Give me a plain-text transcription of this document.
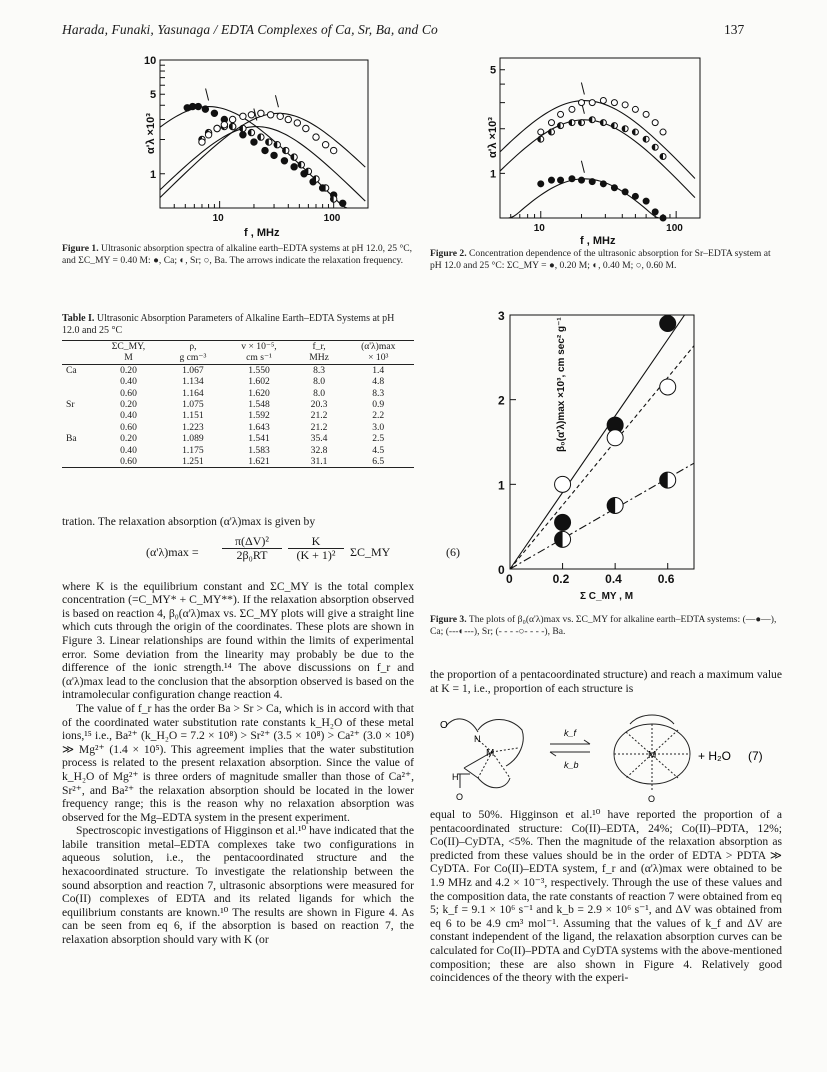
Harada, Funaki, Yasunaga / EDTA Complexes of Ca, Sr, Ba, and Co	137
10
5
1
10	100
f , MHz
α'λ ×10³
Figure 1. Ultrasonic absorption spectra of alkaline earth–EDTA systems at pH 12.0, 25 °C, and ΣC_MY = 0.40 M: ●, Ca; ◐, Sr; ○, Ba. The arrows indicate the relaxation frequency.
5
1
10	100
f , MHz
α'λ ×10³
Figure 2. Concentration dependence of the ultrasonic absorption for Sr–EDTA system at pH 12.0 and 25 °C: ΣC_MY = ●, 0.20 M; ◐, 0.40 M; ○, 0.60 M.
Table I. Ultrasonic Absorption Parameters of Alkaline Earth–EDTA Systems at pH 12.0 and 25 °C
	ΣC_MY,	ρ,	v × 10⁻⁵,	f_r,	(α'λ)max
	M	g cm⁻³	cm s⁻¹	MHz	× 10³
Ca	0.20	1.067	1.550	8.3	1.4
	0.40	1.134	1.602	8.0	4.8
	0.60	1.164	1.620	8.0	8.3
Sr	0.20	1.075	1.548	20.3	0.9
	0.40	1.151	1.592	21.2	2.2
	0.60	1.223	1.643	21.2	3.0
Ba	0.20	1.089	1.541	35.4	2.5
	0.40	1.175	1.583	32.8	4.5
	0.60	1.251	1.621	31.1	6.5

tration. The relaxation absorption (α'λ)max is given by

$(\alpha'\lambda)\max = \frac{\text{π(ΔV)²}}{\text{2β₀RT}} \frac{K}{\text{(K + 1)²}}$ ΣC_MY	(6)

where K is the equilibrium constant and ΣC_MY is the total complex concentration (=C_MY* + C_MY**). If the relaxation absorption observed is based on reaction 4, β₀(α'λ)max vs. ΣC_MY plots will give a straight line which cuts through the origin of the coordinates. These plots are shown in Figure 3. Linear relationships are found within the limits of experimental error. Some deviation from the linearity may probably be due to the difference of the ionic strength.¹⁴ The above discussions on f_r and (α'λ)max lead to the conclusion that the absorption observed is based on the intramolecular configuration change reaction 4.

The value of f_r has the order Ba > Sr > Ca, which is in accord with that of the coordinated water substitution rate constants k_H₂O of these metal ions,¹⁵ i.e., Ba²⁺ (k_H₂O = 7.2 × 10⁸) > Sr²⁺ (3.5 × 10⁸) > Ca²⁺ (3.0 × 10⁸) ≫ Mg²⁺ (1.4 × 10⁵). This agreement implies that the water substitution process is related to the present relaxation absorption. Since the value of k_H₂O of Mg²⁺ is three orders of magnitude smaller than those of Ca²⁺, Sr²⁺, and Ba²⁺ the relaxation absorption should be located in the lower frequency range; this is the reason why no relaxation absorption was observed for the Mg–EDTA system in the present experiment.

Spectroscopic investigations of Higginson et al.¹⁰ have indicated that the labile transition metal–EDTA complexes take two configurations in aqueous solution, i.e., the pentacoordinated structure and the hexacoordinated structure. To investigate the relationship between the sound absorption and reaction 7, ultrasonic absorptions were measured for Co(II) complexes of EDTA and its related ligands for which the equilibrium constants are known.¹⁰ The results are shown in Figure 4. As can be seen from eq 6, if the absorption is based on reaction 7, the relaxation absorption should vary with K (or

0
1
2
3
0	0.2	0.4	0.6
Σ C_MY , M
β₀(α'λ)max ×10³, cm sec² g⁻¹
Figure 3. The plots of β₀(α'λ)max vs. ΣC_MY for alkaline earth–EDTA systems: (—●—), Ca; (---◐---), Sr; (- - - -○- - - -), Ba.

the proportion of a pentacoordinated structure) and reach a maximum value at K = 1, i.e., proportion of each structure is

O
M
N
H
O
k_f
k_b
M
O
+ H₂O (7)

equal to 50%. Higginson et al.¹⁰ have reported the proportion of a pentacoordinated structure: Co(II)–EDTA, 24%; Co(II)–PDTA, 12%; Co(II)–CyDTA, <5%. Then the magnitude of the relaxation absorption as predicted from these values should be in the order of EDTA > PDTA ≫ CyDTA. For Co(II)–EDTA system, f_r and (α'λ)max were obtained to be 1.9 MHz and 4.2 × 10⁻³, respectively. Through the use of these values and the composition data, the rate constants of reaction 7 were obtained from eq 5; k_f = 9.1 × 10⁶ s⁻¹ and k_b = 2.9 × 10⁶ s⁻¹, and ΔV was obtained from eq 6 to be 4.9 cm³ mol⁻¹. Assuming that the values of k_f and ΔV are constant independent of the ligand, the relaxation absorption curves can be calculated for Co(II)–PDTA and CyDTA systems with the above-mentioned composition; these are also shown in Figure 4. Relatively good coincidences of the theory with the experi-
